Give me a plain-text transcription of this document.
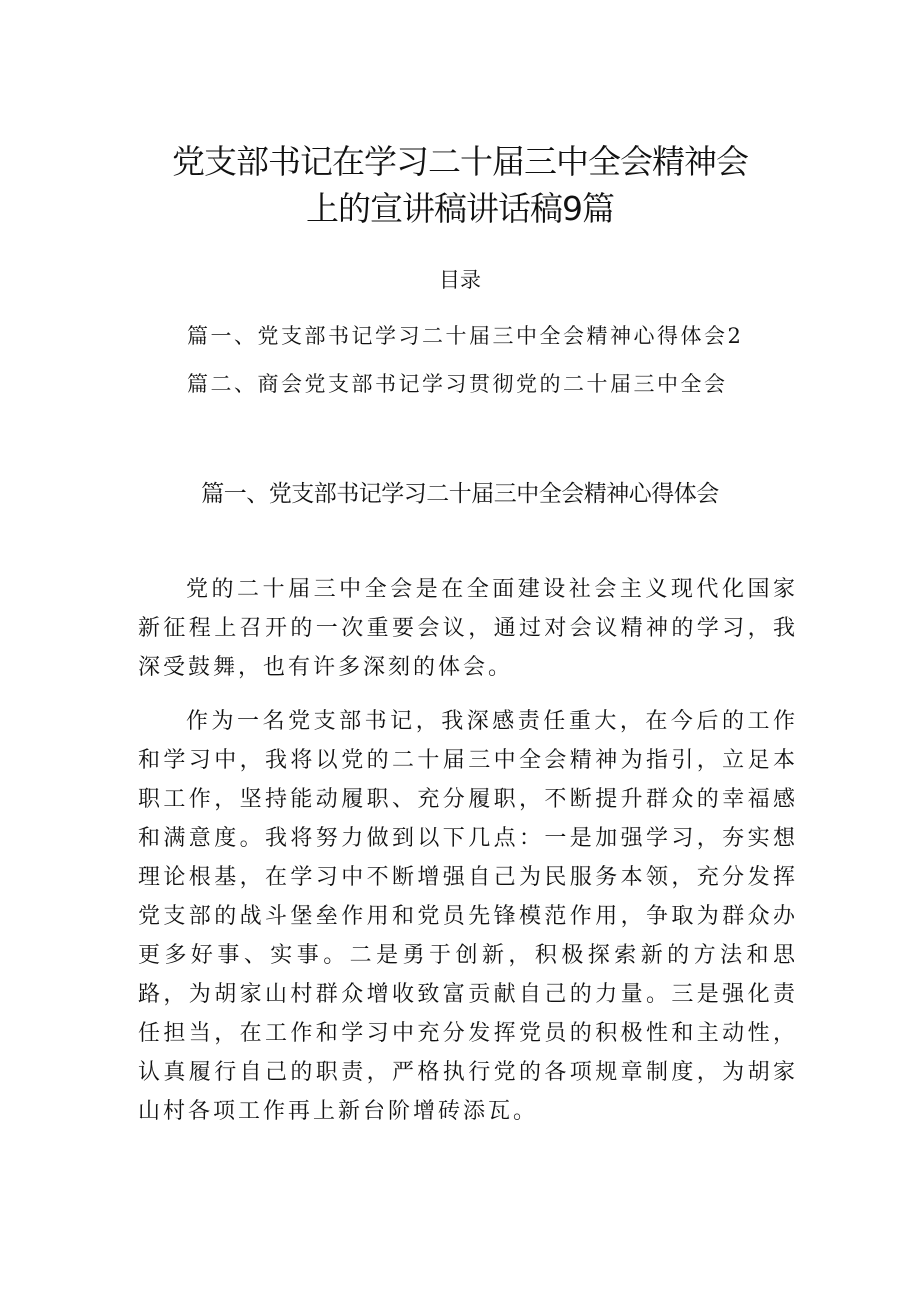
党支部书记在学习二十届三中全会精神会
上的宣讲稿讲话稿9篇
目录
篇一、党支部书记学习二十届三中全会精神心得体会2
篇二、商会党支部书记学习贯彻党的二十届三中全会
篇一、党支部书记学习二十届三中全会精神心得体会

党的二十届三中全会是在全面建设社会主义现代化国家新征程上召开的一次重要会议，通过对会议精神的学习，我深受鼓舞，也有许多深刻的体会。

作为一名党支部书记，我深感责任重大，在今后的工作和学习中，我将以党的二十届三中全会精神为指引，立足本职工作，坚持能动履职、充分履职，不断提升群众的幸福感和满意度。我将努力做到以下几点：一是加强学习，夯实想理论根基，在学习中不断增强自己为民服务本领，充分发挥党支部的战斗堡垒作用和党员先锋模范作用，争取为群众办更多好事、实事。二是勇于创新，积极探索新的方法和思路，为胡家山村群众增收致富贡献自己的力量。三是强化责任担当，在工作和学习中充分发挥党员的积极性和主动性，认真履行自己的职责，严格执行党的各项规章制度，为胡家山村各项工作再上新台阶增砖添瓦。
